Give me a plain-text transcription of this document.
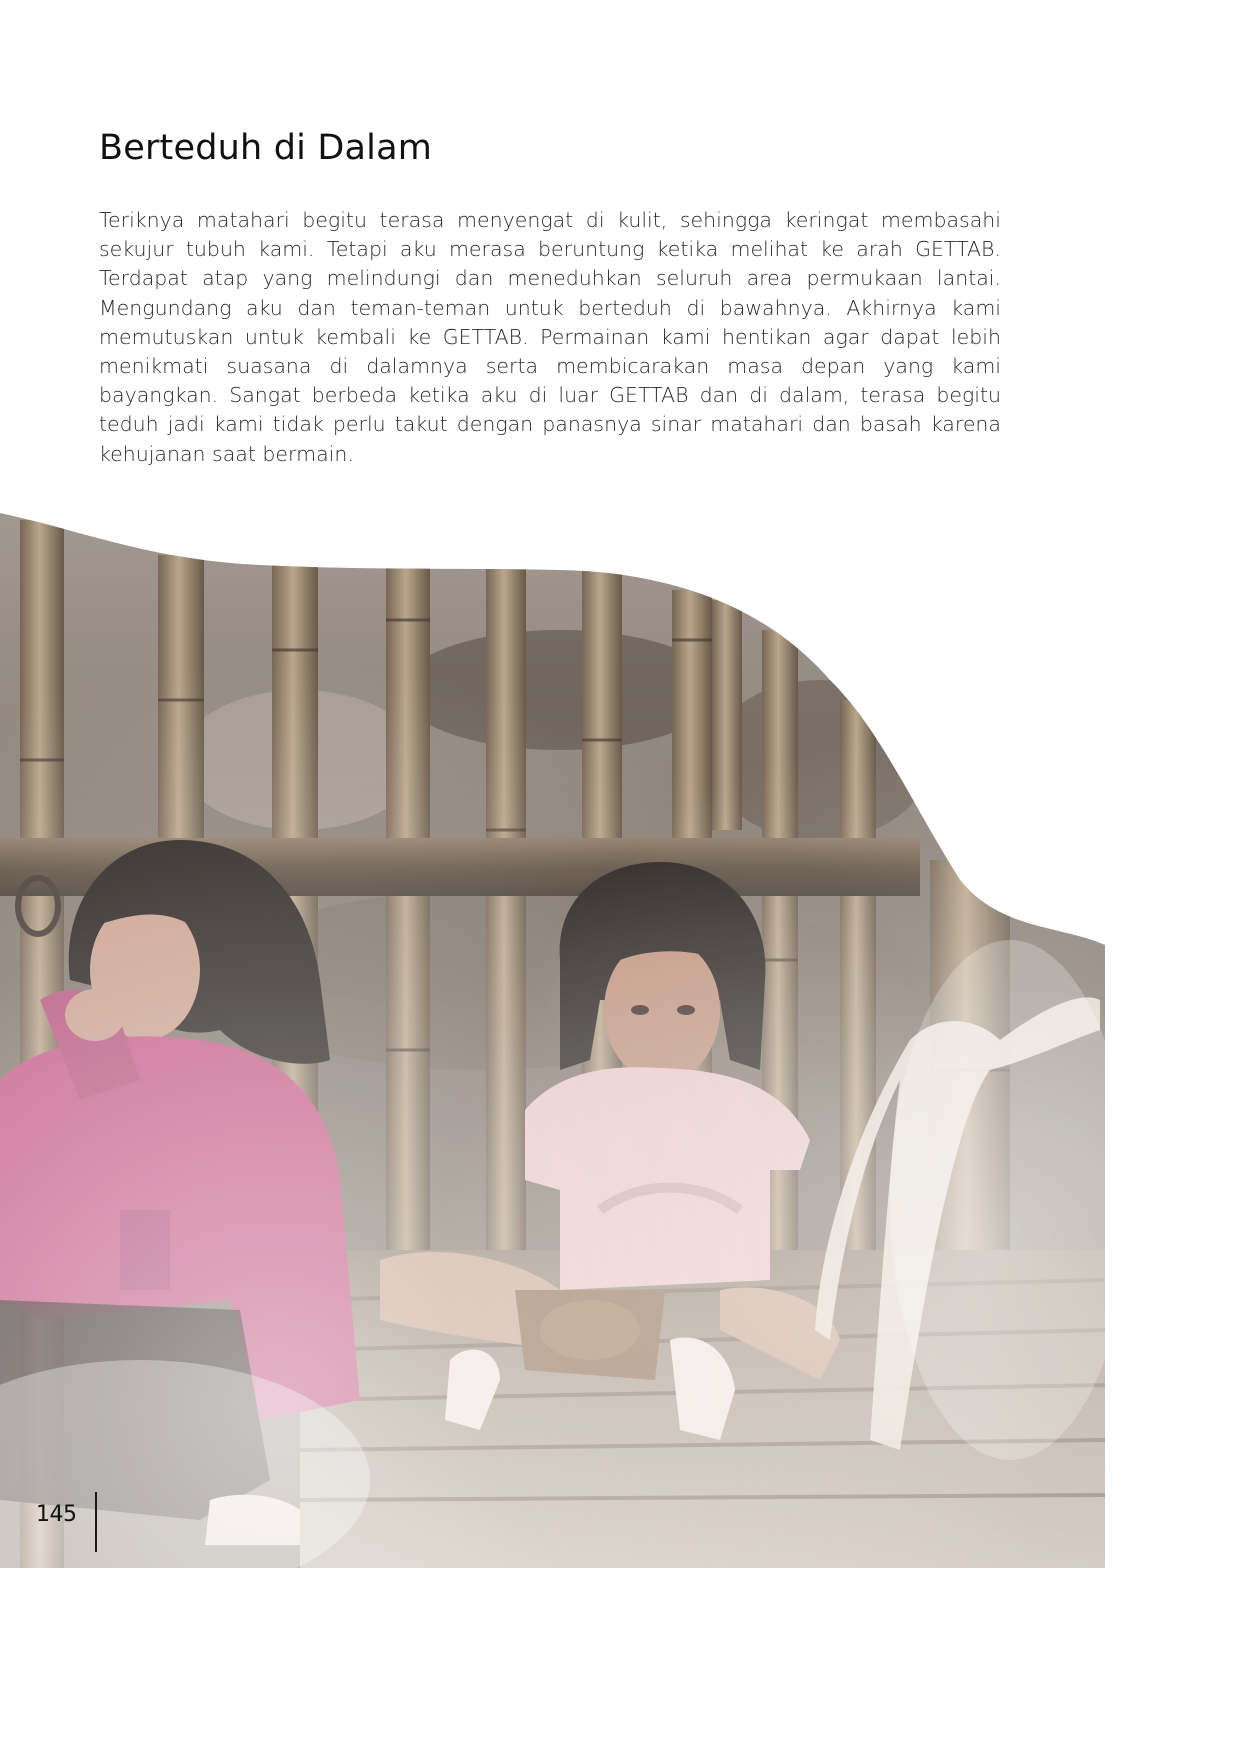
Berteduh di Dalam

Teriknya matahari begitu terasa menyengat di kulit, sehingga keringat membasahi sekujur tubuh kami. Tetapi aku merasa beruntung ketika melihat ke arah GETTAB. Terdapat atap yang melindungi dan meneduhkan seluruh area permukaan lantai. Mengundang aku dan teman-teman untuk berteduh di bawahnya. Akhirnya kami memutuskan untuk kembali ke GETTAB. Permainan kami hentikan agar dapat lebih menikmati suasana di dalamnya serta membicarakan masa depan yang kami bayangkan. Sangat berbeda ketika aku di luar GETTAB dan di dalam, terasa begitu teduh jadi kami tidak perlu takut dengan panasnya sinar matahari dan basah karena kehujanan saat bermain.

145
